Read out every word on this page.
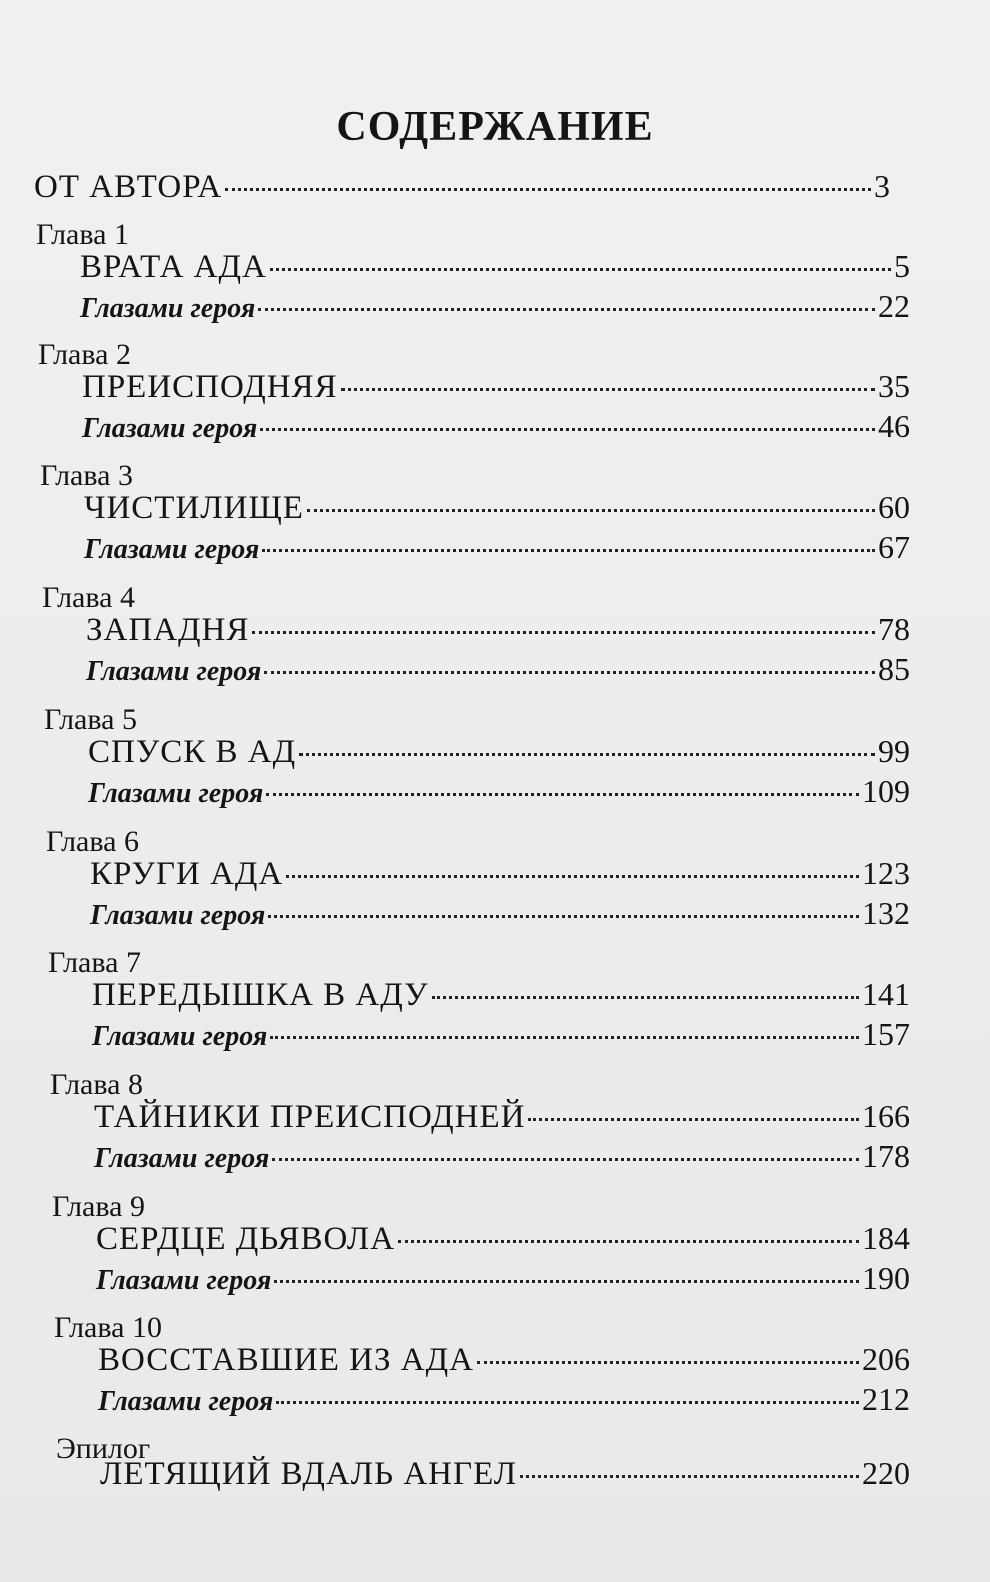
СОДЕРЖАНИЕ
ОТ АВТОРА	3
Глава 1
ВРАТА АДА	5
Глазами героя	22
Глава 2
ПРЕИСПОДНЯЯ	35
Глазами героя	46
Глава 3
ЧИСТИЛИЩЕ	60
Глазами героя	67
Глава 4
ЗАПАДНЯ	78
Глазами героя	85
Глава 5
СПУСК В АД	99
Глазами героя	109
Глава 6
КРУГИ АДА	123
Глазами героя	132
Глава 7
ПЕРЕДЫШКА В АДУ	141
Глазами героя	157
Глава 8
ТАЙНИКИ ПРЕИСПОДНЕЙ	166
Глазами героя	178
Глава 9
СЕРДЦЕ ДЬЯВОЛА	184
Глазами героя	190
Глава 10
ВОССТАВШИЕ ИЗ АДА	206
Глазами героя	212
Эпилог
ЛЕТЯЩИЙ ВДАЛЬ АНГЕЛ	220
